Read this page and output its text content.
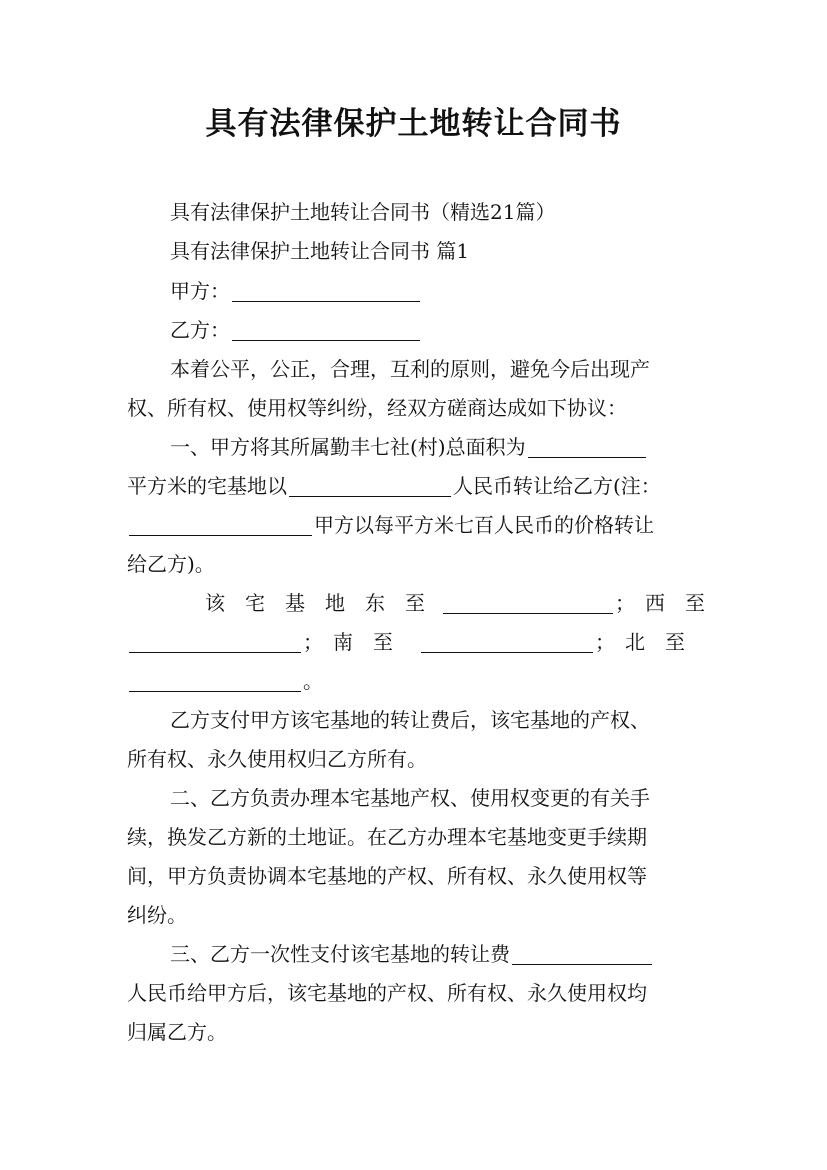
具有法律保护土地转让合同书
具有法律保护土地转让合同书（精选21篇）
具有法律保护土地转让合同书 篇1
甲方：
乙方：
本着公平，公正，合理，互利的原则，避免今后出现产
权、所有权、使用权等纠纷，经双方磋商达成如下协议：
一、甲方将其所属勤丰七社(村)总面积为
平方米的宅基地以	人民币转让给乙方(注：
甲方以每平方米七百人民币的价格转让
给乙方)。
该　宅　基　地　东　至	；　西　至
；　南　至	；　北　至
。
乙方支付甲方该宅基地的转让费后，该宅基地的产权、
所有权、永久使用权归乙方所有。
二、乙方负责办理本宅基地产权、使用权变更的有关手
续，换发乙方新的土地证。在乙方办理本宅基地变更手续期
间，甲方负责协调本宅基地的产权、所有权、永久使用权等
纠纷。
三、乙方一次性支付该宅基地的转让费
人民币给甲方后，该宅基地的产权、所有权、永久使用权均
归属乙方。
